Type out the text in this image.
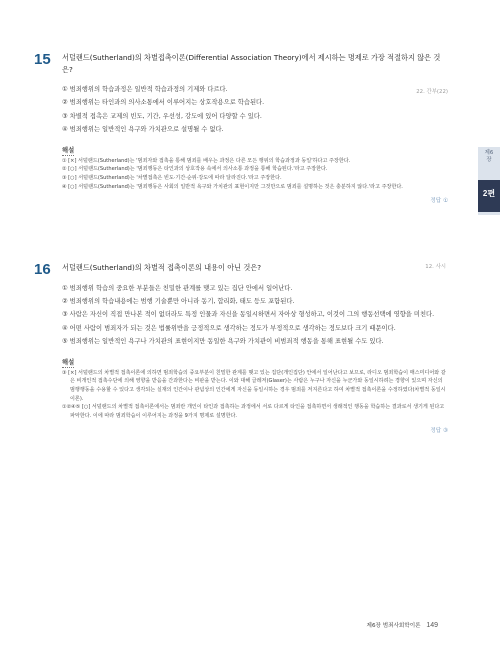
15 서덜랜드(Sutherland)의 차별접촉이론(Differential Association Theory)에서 제시하는 명제로 가장 적절하지 않은 것은?

22. 간부(22)
① 범죄행위의 학습과정은 일반적 학습과정의 기제와 다르다.
② 범죄행위는 타인과의 의사소통에서 이루어지는 상호작용으로 학습된다.
③ 차별적 접촉은 교제의 빈도, 기간, 우선성, 강도에 있어 다양할 수 있다.
④ 범죄행위는 일반적인 욕구와 가치관으로 설명될 수 없다.
해설
① [×] 서덜랜드(Sutherland)는 '범죄자와 접촉을 통해 범죄를 배우는 과정은 다른 모든 행위의 학습과정과 동일'하다고 주장한다.
② [○] 서덜랜드(Sutherland)는 '범죄행동은 타인과의 상호작용 속에서 의사소통 과정을 통해 학습된다.'라고 주장한다.
③ [○] 서덜랜드(Sutherland)는 '차별접촉은 빈도·기간·순위·강도에 따라 달라진다.'라고 주장한다.
④ [○] 서덜랜드(Sutherland)는 '범죄행동은 사회의 일반적 욕구와 가치관의 표현이지만 그것만으로 범죄를 설명하는 것은 충분하지 않다.'라고 주장한다.
정답 ①
16 서덜랜드(Sutherland)의 차별적 접촉이론의 내용이 아닌 것은?	12. 사시

① 범죄행위 학습의 중요한 부분들은 친밀한 관계를 맺고 있는 집단 안에서 일어난다.
② 범죄행위의 학습내용에는 범행 기술뿐만 아니라 동기, 합리화, 태도 등도 포함된다.
③ 사람은 자신이 직접 만나본 적이 없더라도 특정 인물과 자신을 동일시하면서 자아상 형성하고, 이것이 그의 행동선택에 영향을 미친다.
④ 어떤 사람이 범죄자가 되는 것은 법률위반을 긍정적으로 생각하는 정도가 부정적으로 생각하는 정도보다 크기 때문이다.
⑤ 범죄행위는 일반적인 욕구나 가치관의 표현이지만 동일한 욕구와 가치관이 비범죄적 행동을 통해 표현될 수도 있다.
해설
③ [×] 서덜랜드의 차별적 접촉이론에 의하면 범죄학습의 중요부분이 친밀한 관계를 맺고 있는 집단(개인집단) 안에서 일어난다고 보므로, 라디오 범죄학습이 매스미디어와 같은 비개인적 접촉수단에 의해 영향을 받음을 간과한다는 비판을 받는다. 이와 대해 글레저(Glaser)는 사람은 누구나 자신을 누군가와 동일시하려는 경향이 있으며 자신의 범행행동을 수용할 수 있다고 생각되는 실재의 인간이나 관념상의 인간에게 자신을 동일시하는 경우 범죄를 저지른다고 하여 차별적 접촉이론을 수정하였다(차별적 동일시이론).
①②④⑤ [○] 서덜랜드의 차별적 접촉이론에서는 범죄란 개인이 타인과 접촉하는 과정에서 서로 다르게 타인을 접촉하면서 생래적인 행동을 학습하는 결과로서 생기게 된다고 파악한다. 이에 따라 범죄학습이 이루어지는 과정을 9가지 명제로 설명한다.
정답 ③
제6장
2편
제6장 범죄사회학이론 149
